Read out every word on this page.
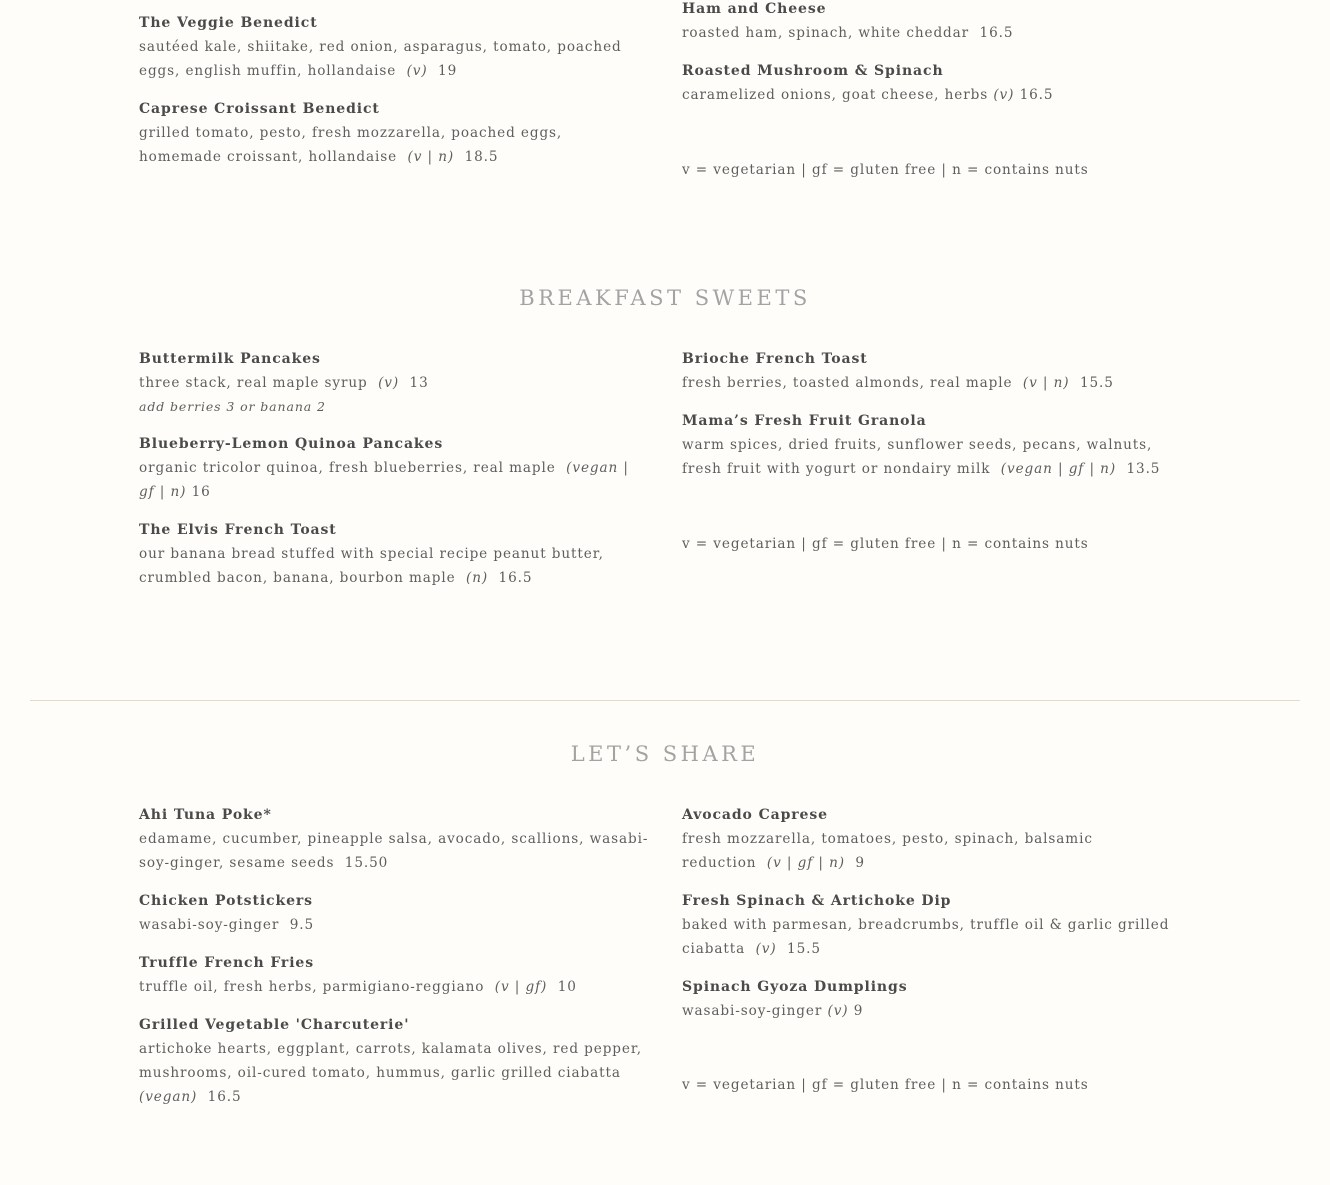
The Veggie Benedict
sautéed kale, shiitake, red onion, asparagus, tomato, poached eggs, english muffin, hollandaise (v) 19
Caprese Croissant Benedict
grilled tomato, pesto, fresh mozzarella, poached eggs, homemade croissant, hollandaise (v | n) 18.5
Ham and Cheese
roasted ham, spinach, white cheddar 16.5
Roasted Mushroom & Spinach
caramelized onions, goat cheese, herbs (v) 16.5
v = vegetarian | gf = gluten free | n = contains nuts
BREAKFAST SWEETS
Buttermilk Pancakes
three stack, real maple syrup (v) 13
add berries 3 or banana 2
Blueberry-Lemon Quinoa Pancakes
organic tricolor quinoa, fresh blueberries, real maple (vegan | gf | n) 16
The Elvis French Toast
our banana bread stuffed with special recipe peanut butter, crumbled bacon, banana, bourbon maple (n) 16.5
Brioche French Toast
fresh berries, toasted almonds, real maple (v | n) 15.5
Mama’s Fresh Fruit Granola
warm spices, dried fruits, sunflower seeds, pecans, walnuts, fresh fruit with yogurt or nondairy milk (vegan | gf | n) 13.5
v = vegetarian | gf = gluten free | n = contains nuts
LET’S SHARE
Ahi Tuna Poke*
edamame, cucumber, pineapple salsa, avocado, scallions, wasabi-soy-ginger, sesame seeds 15.50
Chicken Potstickers
wasabi-soy-ginger 9.5
Truffle French Fries
truffle oil, fresh herbs, parmigiano-reggiano (v | gf) 10
Grilled Vegetable 'Charcuterie'
artichoke hearts, eggplant, carrots, kalamata olives, red pepper, mushrooms, oil-cured tomato, hummus, garlic grilled ciabatta (vegan) 16.5
Avocado Caprese
fresh mozzarella, tomatoes, pesto, spinach, balsamic reduction (v | gf | n) 9
Fresh Spinach & Artichoke Dip
baked with parmesan, breadcrumbs, truffle oil & garlic grilled ciabatta (v) 15.5
Spinach Gyoza Dumplings
wasabi-soy-ginger (v) 9
v = vegetarian | gf = gluten free | n = contains nuts
